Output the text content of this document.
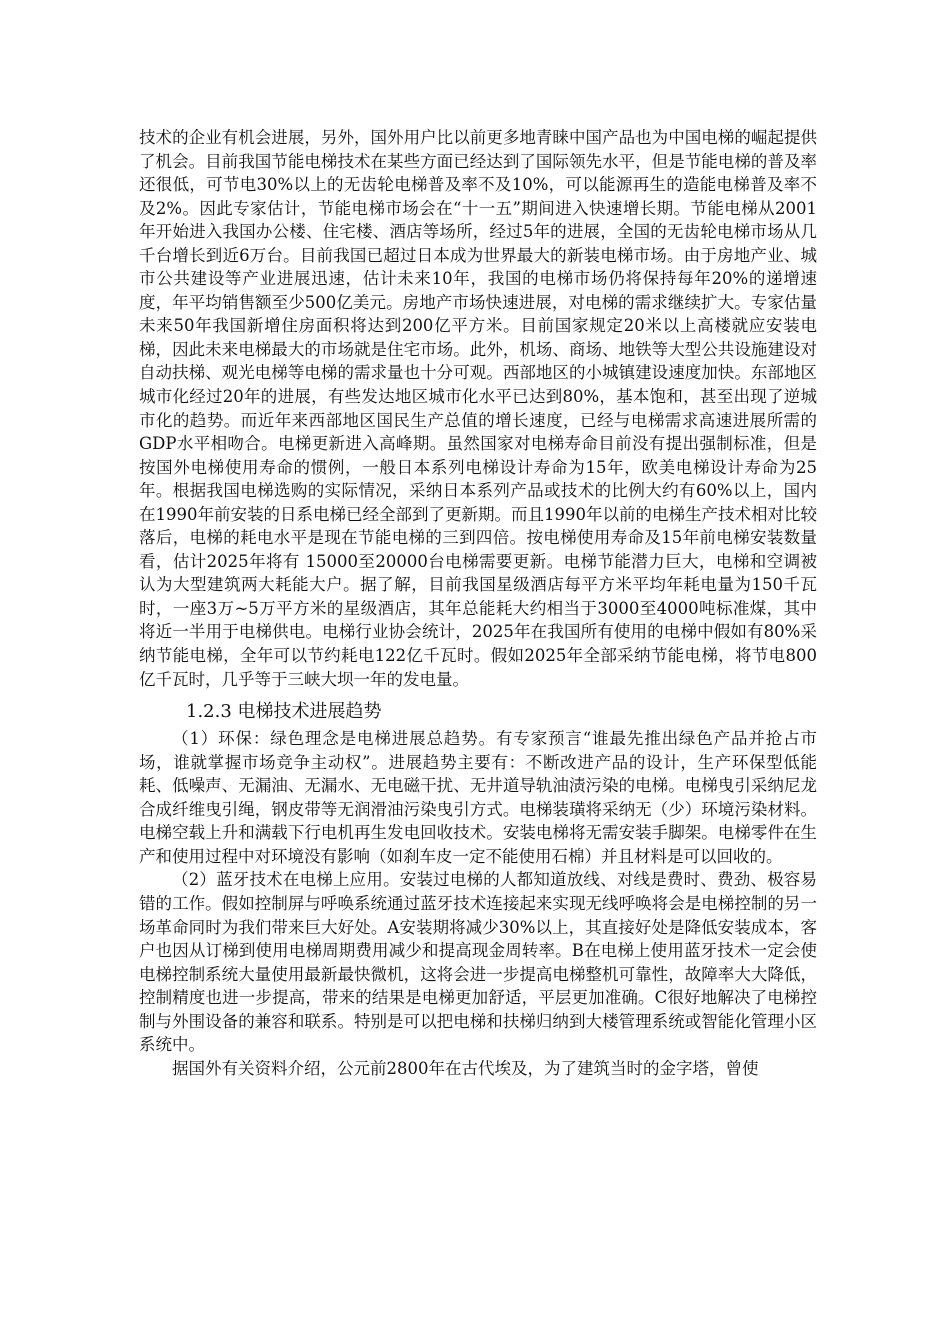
技术的企业有机会进展，另外，国外用户比以前更多地青睐中国产品也为中国电梯的崛起提供了机会。目前我国节能电梯技术在某些方面已经达到了国际领先水平，但是节能电梯的普及率还很低，可节电30%以上的无齿轮电梯普及率不及10%，可以能源再生的造能电梯普及率不及2%。因此专家估计，节能电梯市场会在“十一五”期间进入快速增长期。节能电梯从2001年开始进入我国办公楼、住宅楼、酒店等场所，经过5年的进展，全国的无齿轮电梯市场从几千台增长到近6万台。目前我国已超过日本成为世界最大的新装电梯市场。由于房地产业、城市公共建设等产业进展迅速，估计未来10年，我国的电梯市场仍将保持每年20%的递增速度，年平均销售额至少500亿美元。房地产市场快速进展，对电梯的需求继续扩大。专家估量未来50年我国新增住房面积将达到200亿平方米。目前国家规定20米以上高楼就应安装电梯，因此未来电梯最大的市场就是住宅市场。此外，机场、商场、地铁等大型公共设施建设对自动扶梯、观光电梯等电梯的需求量也十分可观。西部地区的小城镇建设速度加快。东部地区城市化经过20年的进展，有些发达地区城市化水平已达到80%，基本饱和，甚至出现了逆城市化的趋势。而近年来西部地区国民生产总值的增长速度，已经与电梯需求高速进展所需的GDP水平相吻合。电梯更新进入高峰期。虽然国家对电梯寿命目前没有提出强制标准，但是按国外电梯使用寿命的惯例，一般日本系列电梯设计寿命为15年，欧美电梯设计寿命为25年。根据我国电梯选购的实际情况，采纳日本系列产品或技术的比例大约有60%以上，国内在1990年前安装的日系电梯已经全部到了更新期。而且1990年以前的电梯生产技术相对比较落后，电梯的耗电水平是现在节能电梯的三到四倍。按电梯使用寿命及15年前电梯安装数量看，估计2025年将有 15000至20000台电梯需要更新。电梯节能潜力巨大，电梯和空调被认为大型建筑两大耗能大户。据了解，目前我国星级酒店每平方米平均年耗电量为150千瓦时，一座3万~5万平方米的星级酒店，其年总能耗大约相当于3000至4000吨标准煤，其中将近一半用于电梯供电。电梯行业协会统计，2025年在我国所有使用的电梯中假如有80%采纳节能电梯，全年可以节约耗电122亿千瓦时。假如2025年全部采纳节能电梯，将节电800亿千瓦时，几乎等于三峡大坝一年的发电量。

1.2.3 电梯技术进展趋势

（1）环保：绿色理念是电梯进展总趋势。有专家预言“谁最先推出绿色产品并抢占市场，谁就掌握市场竞争主动权”。进展趋势主要有：不断改进产品的设计，生产环保型低能耗、低噪声、无漏油、无漏水、无电磁干扰、无井道导轨油渍污染的电梯。电梯曳引采纳尼龙合成纤维曳引绳，钢皮带等无润滑油污染曳引方式。电梯装璜将采纳无（少）环境污染材料。电梯空载上升和满载下行电机再生发电回收技术。安装电梯将无需安装手脚架。电梯零件在生产和使用过程中对环境没有影响（如刹车皮一定不能使用石棉）并且材料是可以回收的。

（2）蓝牙技术在电梯上应用。安装过电梯的人都知道放线、对线是费时、费劲、极容易错的工作。假如控制屏与呼唤系统通过蓝牙技术连接起来实现无线呼唤将会是电梯控制的另一场革命同时为我们带来巨大好处。A安装期将减少30%以上，其直接好处是降低安装成本，客户也因从订梯到使用电梯周期费用减少和提高现金周转率。B在电梯上使用蓝牙技术一定会使电梯控制系统大量使用最新最快微机，这将会进一步提高电梯整机可靠性，故障率大大降低，控制精度也进一步提高，带来的结果是电梯更加舒适，平层更加准确。C很好地解决了电梯控制与外围设备的兼容和联系。特别是可以把电梯和扶梯归纳到大楼管理系统或智能化管理小区系统中。

据国外有关资料介绍，公元前2800年在古代埃及，为了建筑当时的金字塔，曾使
